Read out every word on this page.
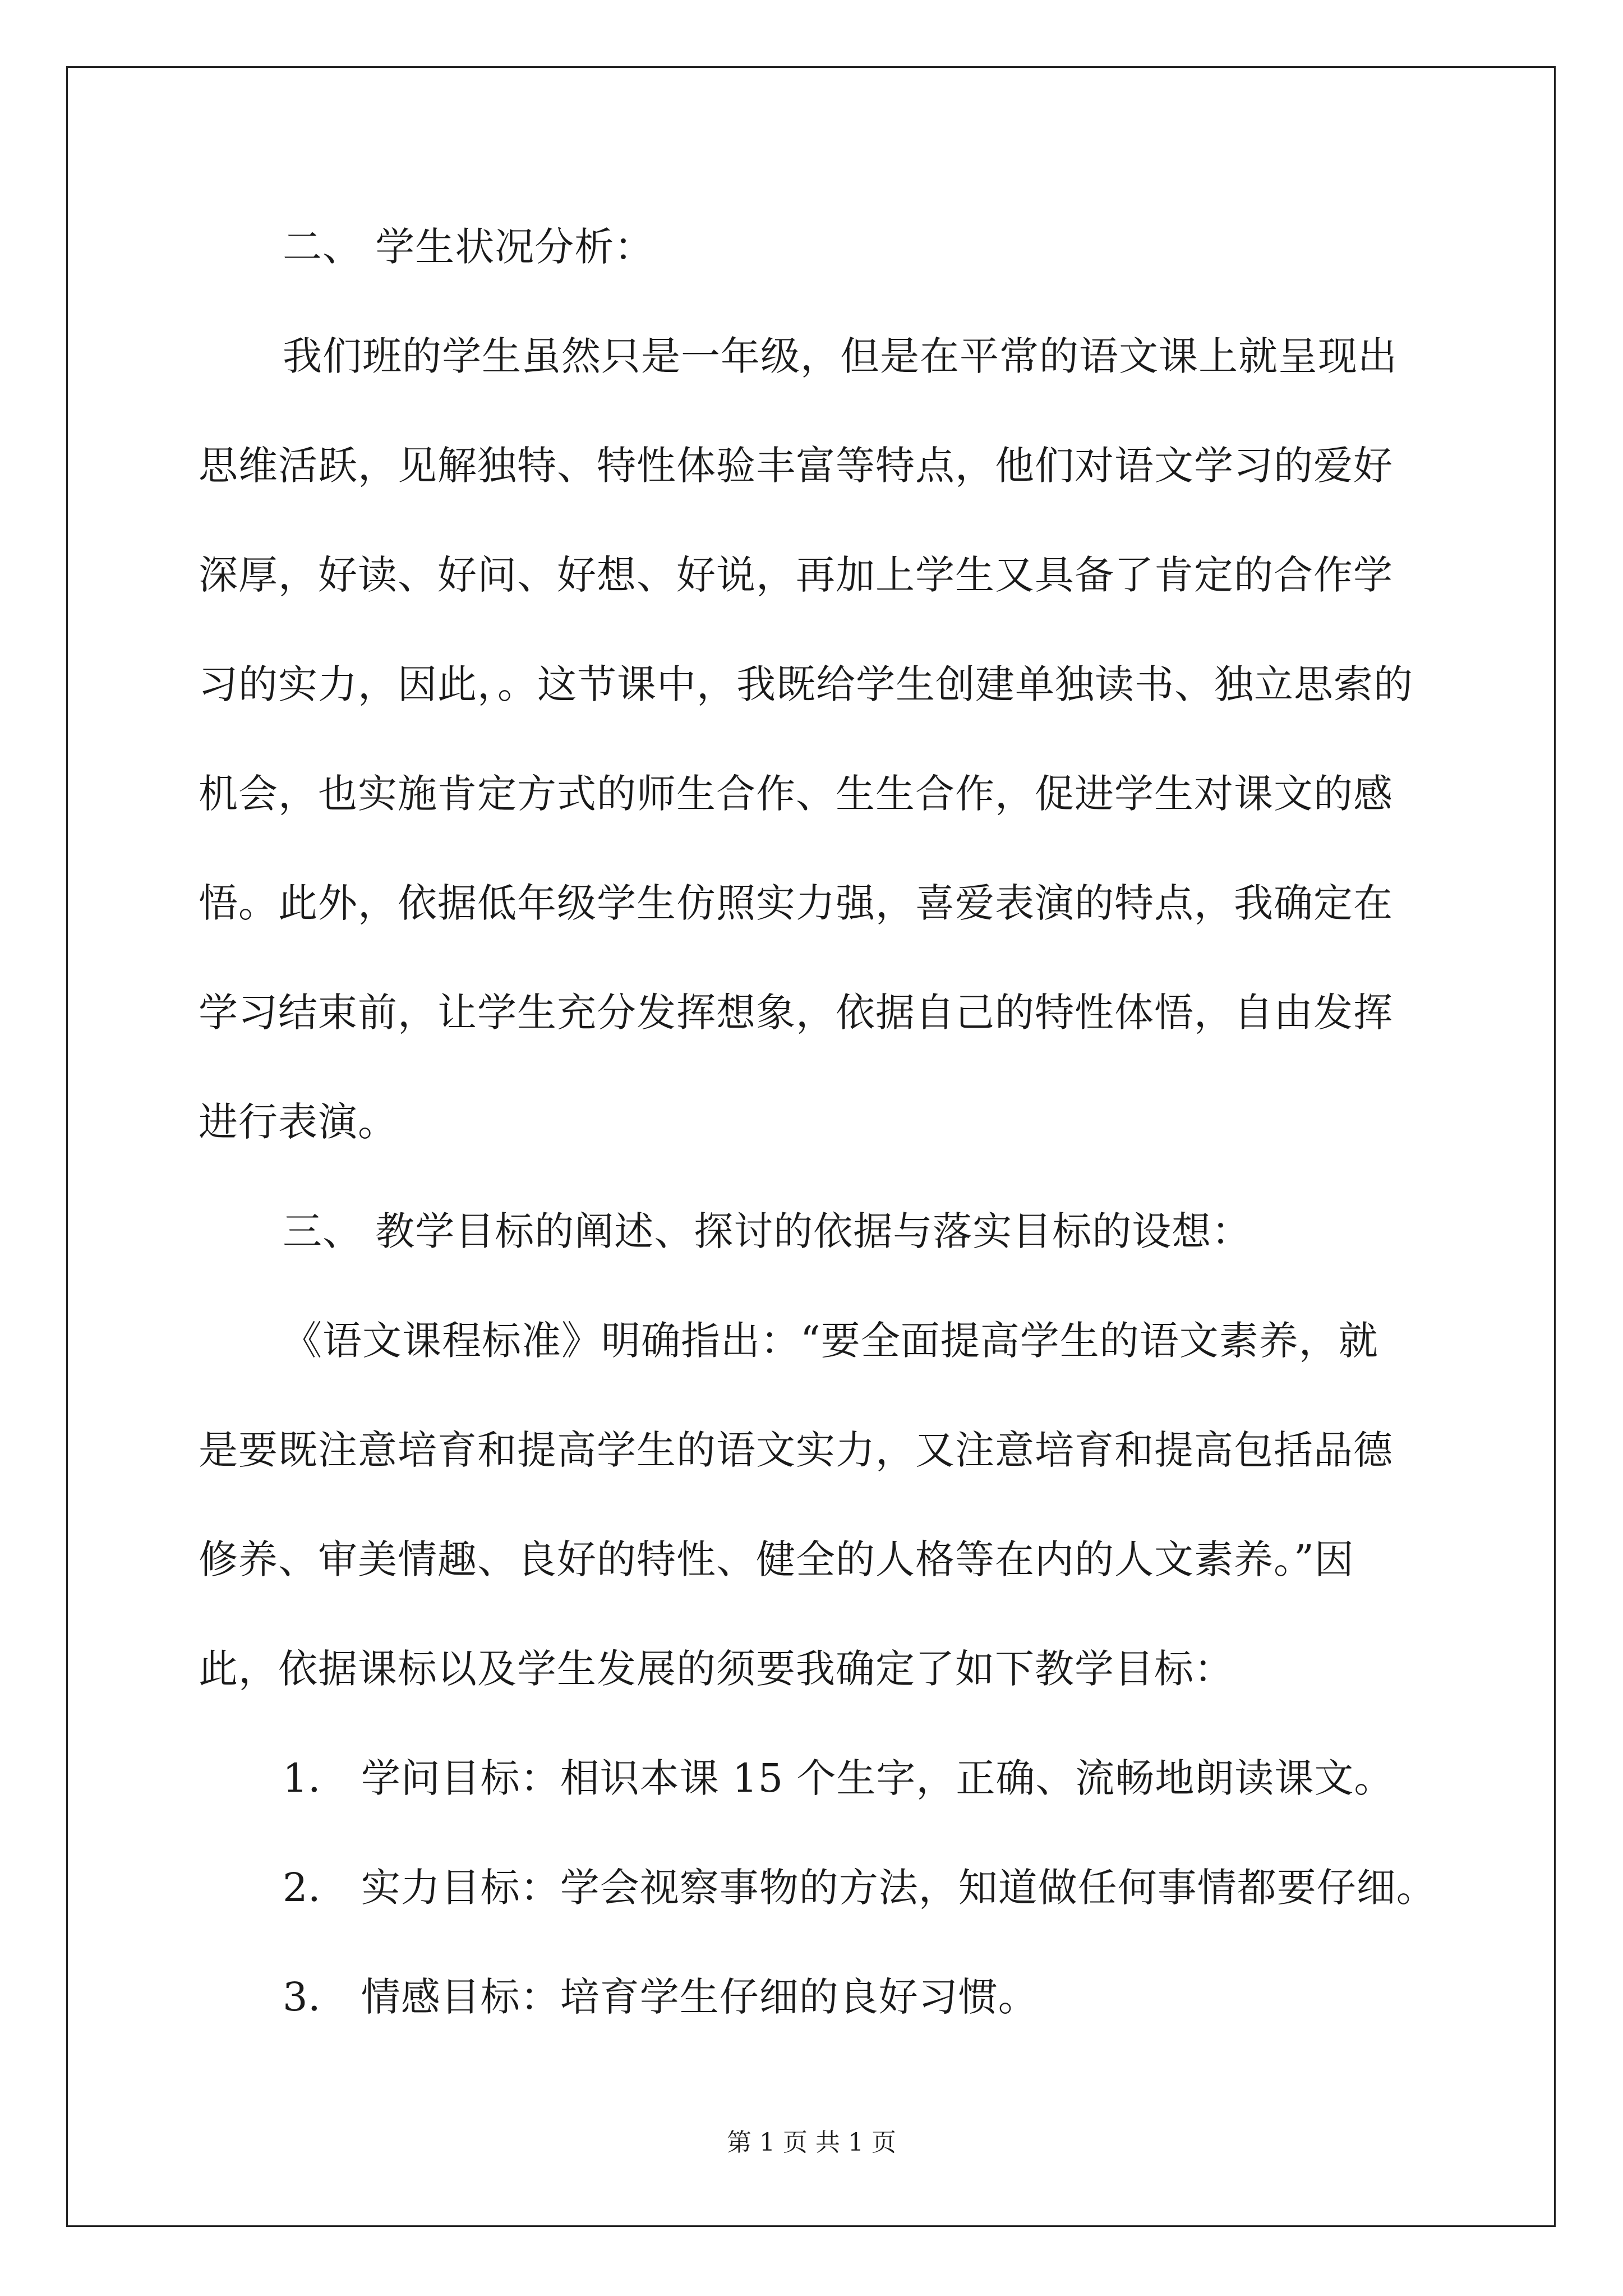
二、 学生状况分析：
我们班的学生虽然只是一年级，但是在平常的语文课上就呈现出
思维活跃，见解独特、特性体验丰富等特点，他们对语文学习的爱好
深厚，好读、好问、好想、好说，再加上学生又具备了肯定的合作学
习的实力，因此，。这节课中，我既给学生创建单独读书、独立思索的
机会，也实施肯定方式的师生合作、生生合作，促进学生对课文的感
悟。此外，依据低年级学生仿照实力强，喜爱表演的特点，我确定在
学习结束前，让学生充分发挥想象，依据自己的特性体悟，自由发挥
进行表演。
三、 教学目标的阐述、探讨的依据与落实目标的设想：
《语文课程标准》明确指出：“要全面提高学生的语文素养，就
是要既注意培育和提高学生的语文实力，又注意培育和提高包括品德
修养、审美情趣、良好的特性、健全的人格等在内的人文素养。”因
此，依据课标以及学生发展的须要我确定了如下教学目标：
1． 学问目标：相识本课 15 个生字，正确、流畅地朗读课文。
2． 实力目标：学会视察事物的方法，知道做任何事情都要仔细。
3． 情感目标：培育学生仔细的良好习惯。
第 1 页 共 1 页
